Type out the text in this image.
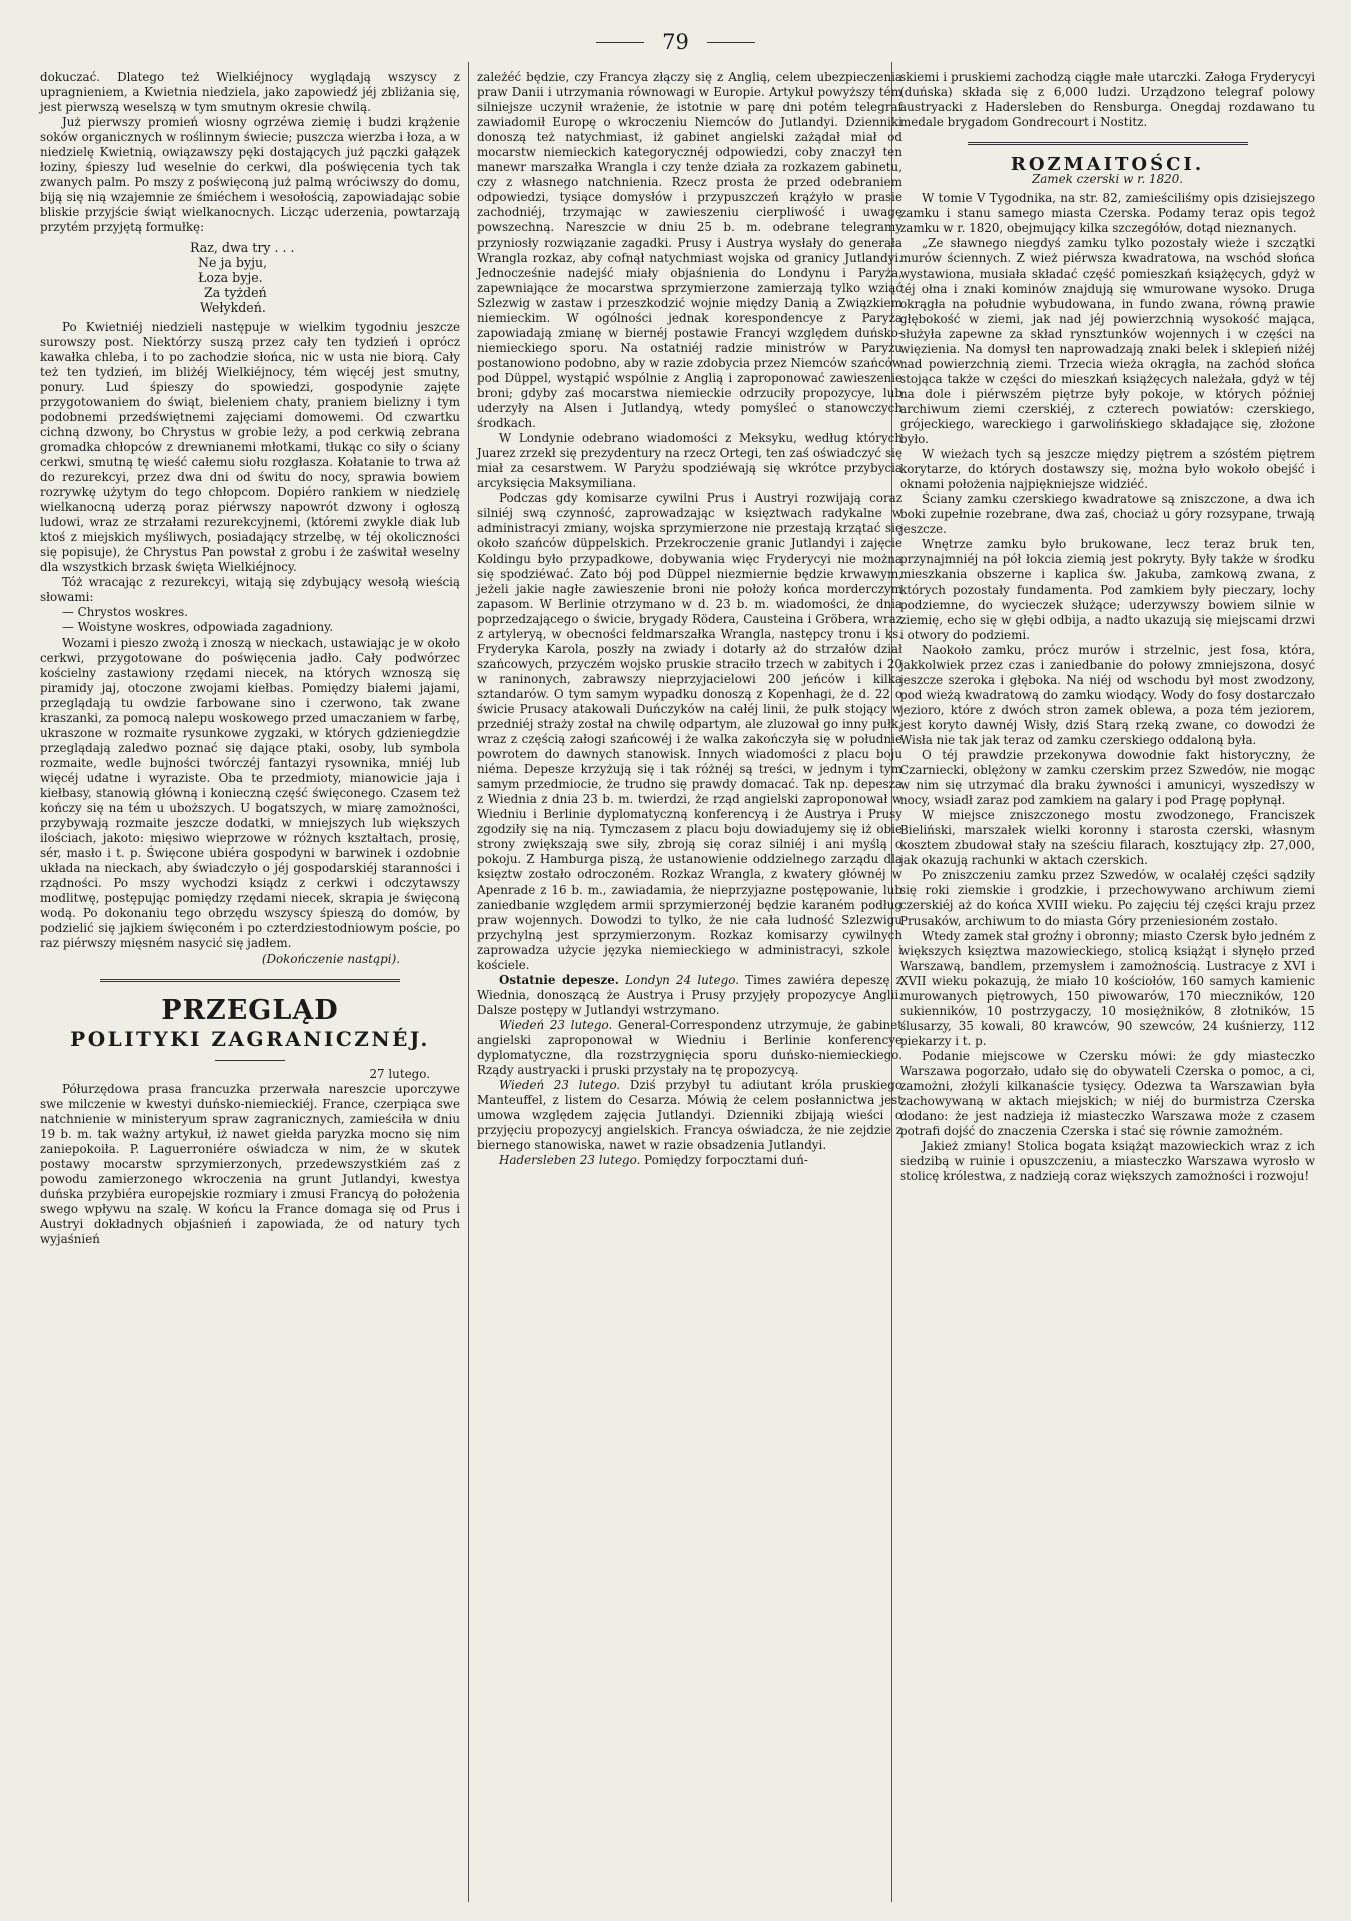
79

dokuczać. Dlatego też Wielkiéjnocy wyglądają wszyscy z upragnieniem, a Kwietnia niedziela, jako zapowiedź jéj zbliżania się, jest pierwszą weselszą w tym smutnym okresie chwilą.

Już pierwszy promień wiosny ogrzéwa ziemię i budzi krążenie soków organicznych w roślinnym świecie; puszcza wierzba i łoza, a w niedzielę Kwietnią, owiązawszy pęki dostających już pączki gałązek łoziny, śpieszy lud weselnie do cerkwi, dla poświęcenia tych tak zwanych palm. Po mszy z poświęconą już palmą wróciwszy do domu, biją się nią wzajemnie ze śmiéchem i wesołością, zapowiadając sobie bliskie przyjście świąt wielkanocnych. Licząc uderzenia, powtarzają przytém przyjętą formułkę:

Raz, dwa try . . .
Ne ja byju,
Łoza byje.
Za tyżdeń
Wełykdeń.

Po Kwietniéj niedzieli następuje w wielkim tygodniu jeszcze surowszy post. Niektórzy suszą przez cały ten tydzień i oprócz kawałka chleba, i to po zachodzie słońca, nic w usta nie biorą. Cały też ten tydzień, im bliżéj Wielkiéjnocy, tém więcéj jest smutny, ponury. Lud śpieszy do spowiedzi, gospodynie zajęte przygotowaniem do świąt, bieleniem chaty, praniem bielizny i tym podobnemi przedświętnemi zajęciami domowemi. Od czwartku cichną dzwony, bo Chrystus w grobie leży, a pod cerkwią zebrana gromadka chłopców z drewnianemi młotkami, tłukąc co siły o ściany cerkwi, smutną tę wieść całemu siołu rozgłasza. Kołatanie to trwa aż do rezurekcyi, przez dwa dni od świtu do nocy, sprawia bowiem rozrywkę użytym do tego chłopcom. Dopiéro rankiem w niedzielę wielkanocną uderzą poraz piérwszy napowrót dzwony i ogłoszą ludowi, wraz ze strzałami rezurekcyjnemi, (któremi zwykle diak lub ktoś z miejskich myśliwych, posiadający strzelbę, w téj okoliczności się popisuje), że Chrystus Pan powstał z grobu i że zaświtał weselny dla wszystkich brzask święta Wielkiéjnocy.

Tóż wracając z rezurekcyi, witają się zdybujący wesołą wieścią słowami:

— Chrystos woskres.
— Woistyne woskres, odpowiada zagadniony.

Wozami i pieszo zwożą i znoszą w nieckach, ustawiając je w około cerkwi, przygotowane do poświęcenia jadło. Cały podwórzec kościelny zastawiony rzędami niecek, na których wznoszą się piramidy jaj, otoczone zwojami kiełbas. Pomiędzy białemi jajami, przeglądają tu owdzie farbowane sino i czerwono, tak zwane kraszanki, za pomocą nalepu woskowego przed umaczaniem w farbę, ukraszone w rozmaite rysunkowe zygzaki, w których gdzieniegdzie przeglądają zaledwo poznać się dające ptaki, osoby, lub symbola rozmaite, wedle bujności twórczéj fantazyi rysownika, mniéj lub więcéj udatne i wyraziste. Oba te przedmioty, mianowicie jaja i kiełbasy, stanowią główną i konieczną część święconego. Czasem też kończy się na tém u uboższych. U bogatszych, w miarę zamożności, przybywają rozmaite jeszcze dodatki, w mniejszych lub większych ilościach, jakoto: mięsiwo wieprzowe w różnych kształtach, prosię, sér, masło i t. p. Święcone ubiéra gospodyni w barwinek i ozdobnie układa na nieckach, aby świadczyło o jéj gospodarskiéj staranności i rządności. Po mszy wychodzi ksiądz z cerkwi i odczytawszy modlitwę, postępując pomiędzy rzędami niecek, skrapia je święconą wodą. Po dokonaniu tego obrzędu wszyscy śpieszą do domów, by podzielić się jajkiem święconém i po czterdziestodniowym poście, po raz piérwszy mięsném nasycić się jadłem.

(Dokończenie nastąpi).
PRZEGLĄD
POLITYKI ZAGRANICZNÉJ.
27 lutego.

Półurzędowa prasa francuzka przerwała nareszcie uporczywe swe milczenie w kwestyi duńsko-niemieckiéj. France, czerpiąca swe natchnienie w ministeryum spraw zagranicznych, zamieściła w dniu 19 b. m. tak ważny artykuł, iż nawet giełda paryzka mocno się nim zaniepokoiła. P. Laguerroniére oświadcza w nim, że w skutek postawy mocarstw sprzymierzonych, przedewszystkiém zaś z powodu zamierzonego wkroczenia na grunt Jutlandyi, kwestya duńska przybiéra europejskie rozmiary i zmusi Francyą do położenia swego wpływu na szalę. W końcu la France domaga się od Prus i Austryi dokładnych objaśnień i zapowiada, że od natury tych wyjaśnień

zależéć będzie, czy Francya złączy się z Anglią, celem ubezpieczenia praw Danii i utrzymania równowagi w Europie. Artykuł powyższy tém silniejsze uczynił wrażenie, że istotnie w parę dni potém telegraf zawiadomił Europę o wkroczeniu Niemców do Jutlandyi. Dzienniki donoszą też natychmiast, iż gabinet angielski zażądał miał od mocarstw niemieckich kategorycznéj odpowiedzi, coby znaczył ten manewr marszałka Wrangla i czy tenże działa za rozkazem gabinetu, czy z własnego natchnienia. Rzecz prosta że przed odebraniem odpowiedzi, tysiące domysłów i przypuszczeń krążyło w prasie zachodniéj, trzymając w zawieszeniu cierpliwość i uwagę powszechną. Nareszcie w dniu 25 b. m. odebrane telegramy przyniosły rozwiązanie zagadki. Prusy i Austrya wysłały do generała Wrangla rozkaz, aby cofnął natychmiast wojska od granicy Jutlandyi. Jednocześnie nadejść miały objaśnienia do Londynu i Paryża, zapewniające że mocarstwa sprzymierzone zamierzają tylko wziąć Szlezwig w zastaw i przeszkodzić wojnie między Danią a Związkiem niemieckim. W ogólności jednak korespondencye z Paryża zapowiadają zmianę w biernéj postawie Francyi względem duńsko-niemieckiego sporu. Na ostatniéj radzie ministrów w Paryżu postanowiono podobno, aby w razie zdobycia przez Niemców szańców pod Düppel, wystąpić wspólnie z Anglią i zaproponować zawieszenie broni; gdyby zaś mocarstwa niemieckie odrzuciły propozycye, lub uderzyły na Alsen i Jutlandyą, wtedy pomyśleć o stanowczych środkach.

W Londynie odebrano wiadomości z Meksyku, według których Juarez zrzekł się prezydentury na rzecz Ortegi, ten zaś oświadczyć się miał za cesarstwem. W Paryżu spodziéwają się wkrótce przybycia arcyksięcia Maksymiliana.

Podczas gdy komisarze cywilni Prus i Austryi rozwijają coraz silniéj swą czynność, zaprowadzając w księztwach radykalne w administracyi zmiany, wojska sprzymierzone nie przestają krzątać się około szańców düppelskich. Przekroczenie granic Jutlandyi i zajęcie Koldingu było przypadkowe, dobywania więc Fryderycyi nie można się spodziéwać. Zato bój pod Düppel niezmiernie będzie krwawym, jeżeli jakie nagłe zawieszenie broni nie położy końca morderczym zapasom. W Berlinie otrzymano w d. 23 b. m. wiadomości, że dnia poprzedzającego o świcie, brygady Rödera, Causteina i Gröbera, wraz z artyleryą, w obecności feldmarszałka Wrangla, następcy tronu i ks. Fryderyka Karola, poszły na zwiady i dotarły aż do strzałów dział szańcowych, przyczém wojsko pruskie straciło trzech w zabitych i 20 w raninonych, zabrawszy nieprzyjacielowi 200 jeńców i kilka sztandarów. O tym samym wypadku donoszą z Kopenhagi, że d. 22 o świcie Prusacy atakowali Duńczyków na całéj linii, że pułk stojący w przedniéj straży został na chwilę odpartym, ale zluzował go inny pułk, wraz z częścią załogi szańcowéj i że walka zakończyła się w południe powrotem do dawnych stanowisk. Innych wiadomości z placu boju niéma. Depesze krzyżują się i tak różnéj są treści, w jednym i tym samym przedmiocie, że trudno się prawdy domacać. Tak np. depesza z Wiednia z dnia 23 b. m. twierdzi, że rząd angielski zaproponował w Wiedniu i Berlinie dyplomatyczną konferencyą i że Austrya i Prusy zgodziły się na nią. Tymczasem z placu boju dowiadujemy się iż obie strony zwiększają swe siły, zbroją się coraz silniéj i ani myślą o pokoju. Z Hamburga piszą, że ustanowienie oddzielnego zarządu dla księztw zostało odroczoném. Rozkaz Wrangla, z kwatery głównéj w Apenrade z 16 b. m., zawiadamia, że nieprzyjazne postępowanie, lub zaniedbanie względem armii sprzymierzonéj będzie karaném podług praw wojennych. Dowodzi to tylko, że nie cała ludność Szlezwigu przychylną jest sprzymierzonym. Rozkaz komisarzy cywilnych zaprowadza użycie języka niemieckiego w administracyi, szkole i kościele.

Ostatnie depesze. Londyn 24 lutego. Times zawiéra depeszę z Wiednia, donoszącą że Austrya i Prusy przyjęły propozycye Anglii. Dalsze postępy w Jutlandyi wstrzymano.

Wiedeń 23 lutego. General-Correspondenz utrzymuje, że gabinet angielski zaproponował w Wiedniu i Berlinie konferencye dyplomatyczne, dla rozstrzygnięcia sporu duńsko-niemieckiego. Rządy austryacki i pruski przystały na tę propozycyą.

Wiedeń 23 lutego. Dziś przybył tu adiutant króla pruskiego Manteuffel, z listem do Cesarza. Mówią że celem posłannictwa jest umowa względem zajęcia Jutlandyi. Dzienniki zbijają wieści o przyjęciu propozycyj angielskich. Francya oświadcza, że nie zejdzie z biernego stanowiska, nawet w razie obsadzenia Jutlandyi.

Hadersleben 23 lutego. Pomiędzy forpocztami duń-

skiemi i pruskiemi zachodzą ciągłe małe utarczki. Załoga Fryderycyi (duńska) składa się z 6,000 ludzi. Urządzono telegraf polowy austryacki z Hadersleben do Rensburga. Onegdaj rozdawano tu medale brygadom Gondrecourt i Nostitz.

ROZMAITOŚCI.
Zamek czerski w r. 1820.

W tomie V Tygodnika, na str. 82, zamieściliśmy opis dzisiejszego zamku i stanu samego miasta Czerska. Podamy teraz opis tegoż zamku w r. 1820, obejmujący kilka szczegółów, dotąd nieznanych.

„Ze sławnego niegdyś zamku tylko pozostały wieże i szczątki murów ściennych. Z wież piérwsza kwadratowa, na wschód słońca wystawiona, musiała składać część pomieszkań książęcych, gdyż w téj ołna i znaki kominów znajdują się wmurowane wysoko. Druga okrągła na południe wybudowana, in fundo zwana, równą prawie głębokość w ziemi, jak nad jéj powierzchnią wysokość mająca, służyła zapewne za skład rynsztunków wojennych i w części na więzienia. Na domysł ten naprowadzają znaki belek i sklepień niżéj nad powierzchnią ziemi. Trzecia wieża okrągła, na zachód słońca stojąca także w części do mieszkań książęcych należała, gdyż w téj na dole i piérwszém piętrze były pokoje, w których później archiwum ziemi czerskiéj, z czterech powiatów: czerskiego, grójeckiego, wareckiego i garwolińskiego składające się, złożone było.

W wieżach tych są jeszcze między piętrem a szóstém piętrem korytarze, do których dostawszy się, można było wokoło obejść i oknami położenia najpiękniejsze widziéć.

Ściany zamku czerskiego kwadratowe są zniszczone, a dwa ich boki zupełnie rozebrane, dwa zaś, chociaż u góry rozsypane, trwają jeszcze.

Wnętrze zamku było brukowane, lecz teraz bruk ten, przynajmniéj na pół łokcia ziemią jest pokryty. Były także w środku mieszkania obszerne i kaplica św. Jakuba, zamkową zwana, z których pozostały fundamenta. Pod zamkiem były pieczary, lochy podziemne, do wycieczek służące; uderzywszy bowiem silnie w ziemię, echo się w głębi odbija, a nadto ukazują się miejscami drzwi i otwory do podziemi.

Naokoło zamku, prócz murów i strzelnic, jest fosa, która, jakkolwiek przez czas i zaniedbanie do połowy zmniejszona, dosyć jeszcze szeroka i głęboka. Na niéj od wschodu był most zwodzony, pod wieżą kwadratową do zamku wiodący. Wody do fosy dostarczało jezioro, które z dwóch stron zamek oblewa, a poza tém jeziorem, jest koryto dawnéj Wisły, dziś Starą rzeką zwane, co dowodzi że Wisła nie tak jak teraz od zamku czerskiego oddaloną była.

O téj prawdzie przekonywa dowodnie fakt historyczny, że Czarniecki, oblężony w zamku czerskim przez Szwedów, nie mogąc w nim się utrzymać dla braku żywności i amunicyi, wyszedłszy w nocy, wsiadł zaraz pod zamkiem na galary i pod Pragę popłynął.

W miejsce zniszczonego mostu zwodzonego, Franciszek Bieliński, marszałek wielki koronny i starosta czerski, własnym kosztem zbudował stały na sześciu filarach, kosztujący złp. 27,000, jak okazują rachunki w aktach czerskich.

Po zniszczeniu zamku przez Szwedów, w ocalałéj części sądziły się roki ziemskie i grodzkie, i przechowywano archiwum ziemi czerskiéj aż do końca XVIII wieku. Po zajęciu téj części kraju przez Prusaków, archiwum to do miasta Góry przeniesioném zostało.

Wtedy zamek stał groźny i obronny; miasto Czersk było jedném z większych księztwa mazowieckiego, stolicą książąt i słynęło przed Warszawą, bandlem, przemysłem i zamożnością. Lustracye z XVI i XVII wieku pokazują, że miało 10 kościołów, 160 samych kamienic murowanych piętrowych, 150 piwowarów, 170 mieczników, 120 sukienników, 10 postrzygaczy, 10 mosiężników, 8 złotników, 15 ślusarzy, 35 kowali, 80 krawców, 90 szewców, 24 kuśnierzy, 112 piekarzy i t. p.

Podanie miejscowe w Czersku mówi: że gdy miasteczko Warszawa pogorzało, udało się do obywateli Czerska o pomoc, a ci, zamożni, złożyli kilkanaście tysięcy. Odezwa ta Warszawian była zachowywaną w aktach miejskich; w niéj do burmistrza Czerska dodano: że jest nadzieja iż miasteczko Warszawa może z czasem potrafi dojść do znaczenia Czerska i stać się równie zamożném.

Jakież zmiany! Stolica bogata książąt mazowieckich wraz z ich siedzibą w ruinie i opuszczeniu, a miasteczko Warszawa wyrosło w stolicę królestwa, z nadzieją coraz większych zamożności i rozwoju!
